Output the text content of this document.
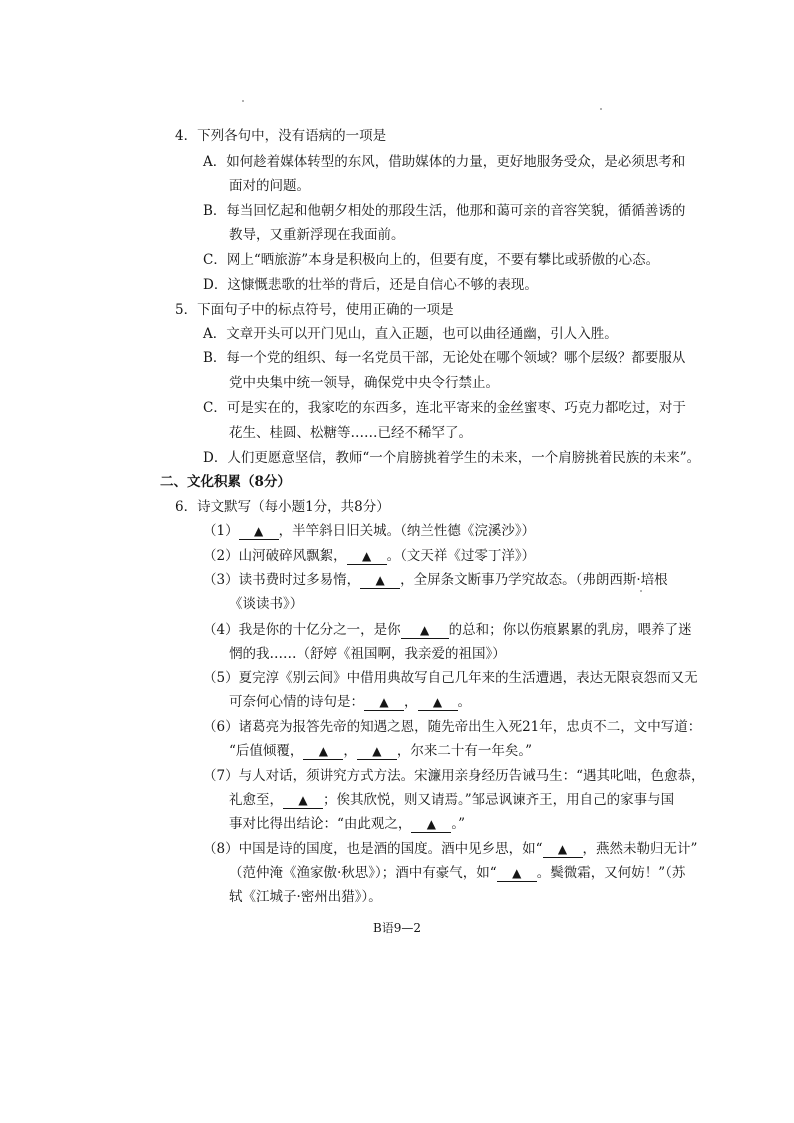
4．下列各句中，没有语病的一项是
A．如何趁着媒体转型的东风，借助媒体的力量，更好地服务受众，是必须思考和
面对的问题。
B．每当回忆起和他朝夕相处的那段生活，他那和蔼可亲的音容笑貌，循循善诱的
教导，又重新浮现在我面前。
C．网上“晒旅游”本身是积极向上的，但要有度，不要有攀比或骄傲的心态。
D．这慷慨悲歌的壮举的背后，还是自信心不够的表现。
5．下面句子中的标点符号，使用正确的一项是
A．文章开头可以开门见山，直入正题，也可以曲径通幽，引人入胜。
B．每一个党的组织、每一名党员干部，无论处在哪个领域？哪个层级？都要服从
党中央集中统一领导，确保党中央令行禁止。
C．可是实在的，我家吃的东西多，连北平寄来的金丝蜜枣、巧克力都吃过，对于
花生、桂圆、松糖等……已经不稀罕了。
D．人们更愿意坚信，教师“一个肩膀挑着学生的未来，一个肩膀挑着民族的未来”。
二、文化积累（8分）
6．诗文默写（每小题1分，共8分）
（1） ▲ ，半竿斜日旧关城。（纳兰性德《浣溪沙》）
（2）山河破碎风飘絮， ▲ 。（文天祥《过零丁洋》）
（3）读书费时过多易惰， ▲ ，全屏条文断事乃学究故态。（弗朗西斯·培根
《谈读书》）
（4）我是你的十亿分之一，是你 ▲ 的总和；你以伤痕累累的乳房，喂养了迷
惘的我……（舒婷《祖国啊，我亲爱的祖国》）
（5）夏完淳《别云间》中借用典故写自己几年来的生活遭遇，表达无限哀怨而又无
可奈何心情的诗句是： ▲ ， ▲ 。
（6）诸葛亮为报答先帝的知遇之恩，随先帝出生入死21年，忠贞不二，文中写道：
“后值倾覆， ▲ ， ▲ ，尔来二十有一年矣。”
（7）与人对话，须讲究方式方法。宋濂用亲身经历告诫马生：“遇其叱咄，色愈恭，
礼愈至， ▲ ；俟其欣悦，则又请焉。”邹忌讽谏齐王，用自己的家事与国
事对比得出结论：“由此观之， ▲ 。”
（8）中国是诗的国度，也是酒的国度。酒中见乡思，如“ ▲ ，燕然未勒归无计”
（范仲淹《渔家傲·秋思》）；酒中有豪气，如“ ▲ 。鬓微霜，又何妨！”（苏
轼《江城子·密州出猎》）。
B语9—2
